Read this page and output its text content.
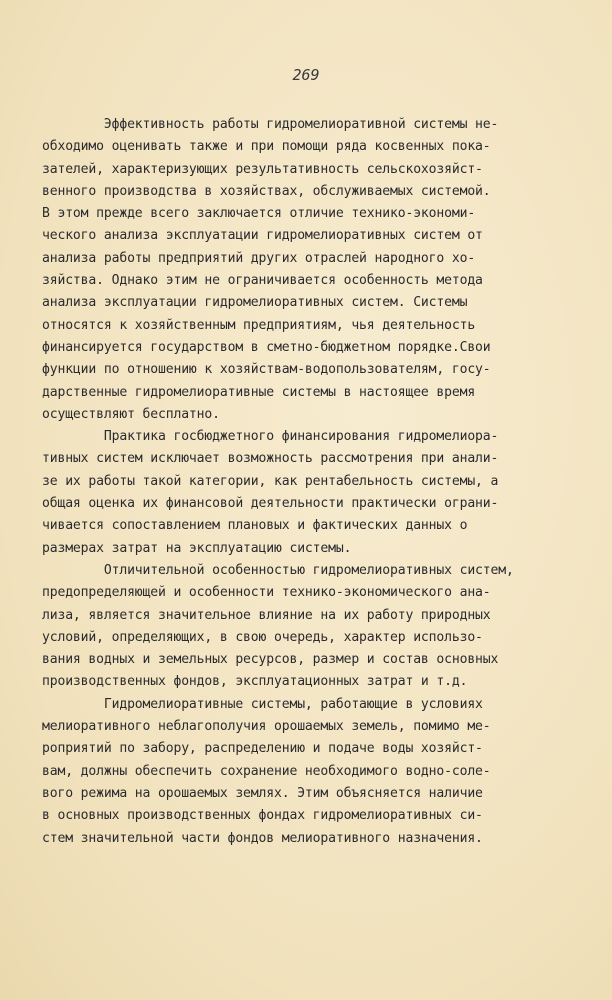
269
Эффективность работы гидромелиоративной системы не-
обходимо оценивать также и при помощи ряда косвенных пока-
зателей, характеризующих результативность сельскохозяйст-
венного производства в хозяйствах, обслуживаемых системой.
В этом прежде всего заключается отличие технико-экономи-
ческого анализа эксплуатации гидромелиоративных систем от
анализа работы предприятий других отраслей народного хо-
зяйства. Однако этим не ограничивается особенность метода
анализа эксплуатации гидромелиоративных систем. Системы
относятся к хозяйственным предприятиям, чья деятельность
финансируется государством в сметно-бюджетном порядке.Свои
функции по отношению к хозяйствам-водопользователям, госу-
дарственные гидромелиоративные системы в настоящее время
осуществляют бесплатно.
Практика госбюджетного финансирования гидромелиора-
тивных систем исключает возможность рассмотрения при анали-
зе их работы такой категории, как рентабельность системы, а
общая оценка их финансовой деятельности практически ограни-
чивается сопоставлением плановых и фактических данных о
размерах затрат на эксплуатацию системы.
Отличительной особенностью гидромелиоративных систем,
предопределяющей и особенности технико-экономического ана-
лиза, является значительное влияние на их работу природных
условий, определяющих, в свою очередь, характер использо-
вания водных и земельных ресурсов, размер и состав основных
производственных фондов, эксплуатационных затрат и т.д.
Гидромелиоративные системы, работающие в условиях
мелиоративного неблагополучия орошаемых земель, помимо ме-
роприятий по забору, распределению и подаче воды хозяйст-
вам, должны обеспечить сохранение необходимого водно-соле-
вого режима на орошаемых землях. Этим объясняется наличие
в основных производственных фондах гидромелиоративных си-
стем значительной части фондов мелиоративного назначения.
